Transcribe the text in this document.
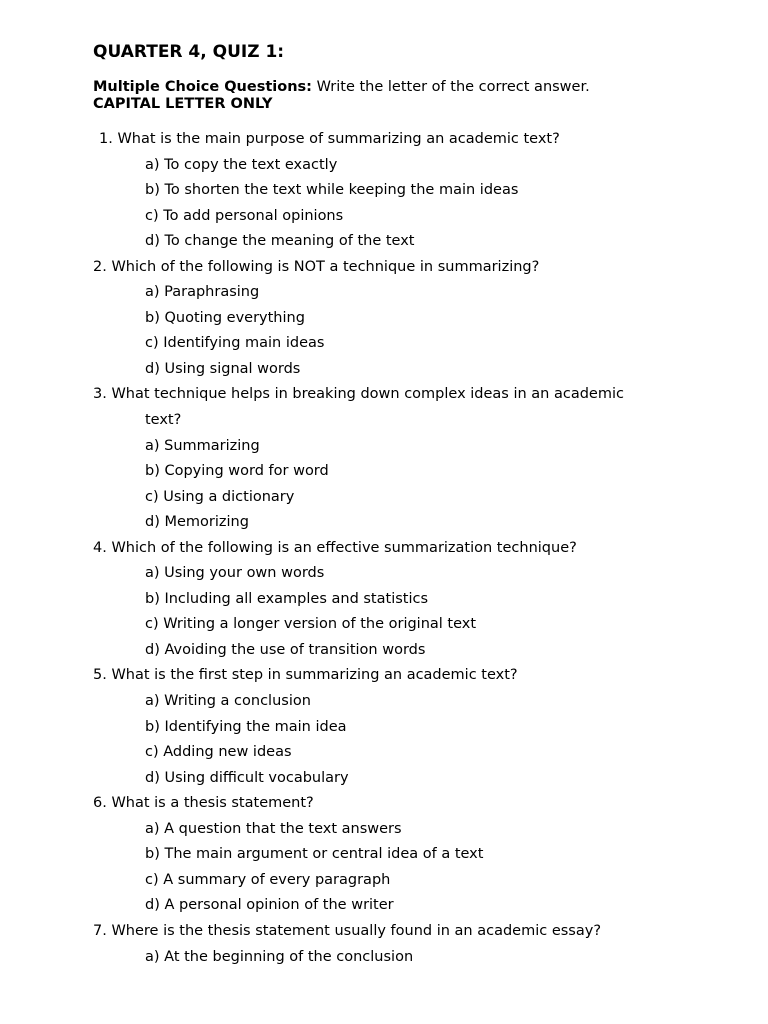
QUARTER 4, QUIZ 1:
Multiple Choice Questions: Write the letter of the correct answer.
CAPITAL LETTER ONLY
1. What is the main purpose of summarizing an academic text?
a) To copy the text exactly
b) To shorten the text while keeping the main ideas
c) To add personal opinions
d) To change the meaning of the text
2. Which of the following is NOT a technique in summarizing?
a) Paraphrasing
b) Quoting everything
c) Identifying main ideas
d) Using signal words
3. What technique helps in breaking down complex ideas in an academic
text?
a) Summarizing
b) Copying word for word
c) Using a dictionary
d) Memorizing
4. Which of the following is an effective summarization technique?
a) Using your own words
b) Including all examples and statistics
c) Writing a longer version of the original text
d) Avoiding the use of transition words
5. What is the first step in summarizing an academic text?
a) Writing a conclusion
b) Identifying the main idea
c) Adding new ideas
d) Using difficult vocabulary
6. What is a thesis statement?
a) A question that the text answers
b) The main argument or central idea of a text
c) A summary of every paragraph
d) A personal opinion of the writer
7. Where is the thesis statement usually found in an academic essay?
a) At the beginning of the conclusion
